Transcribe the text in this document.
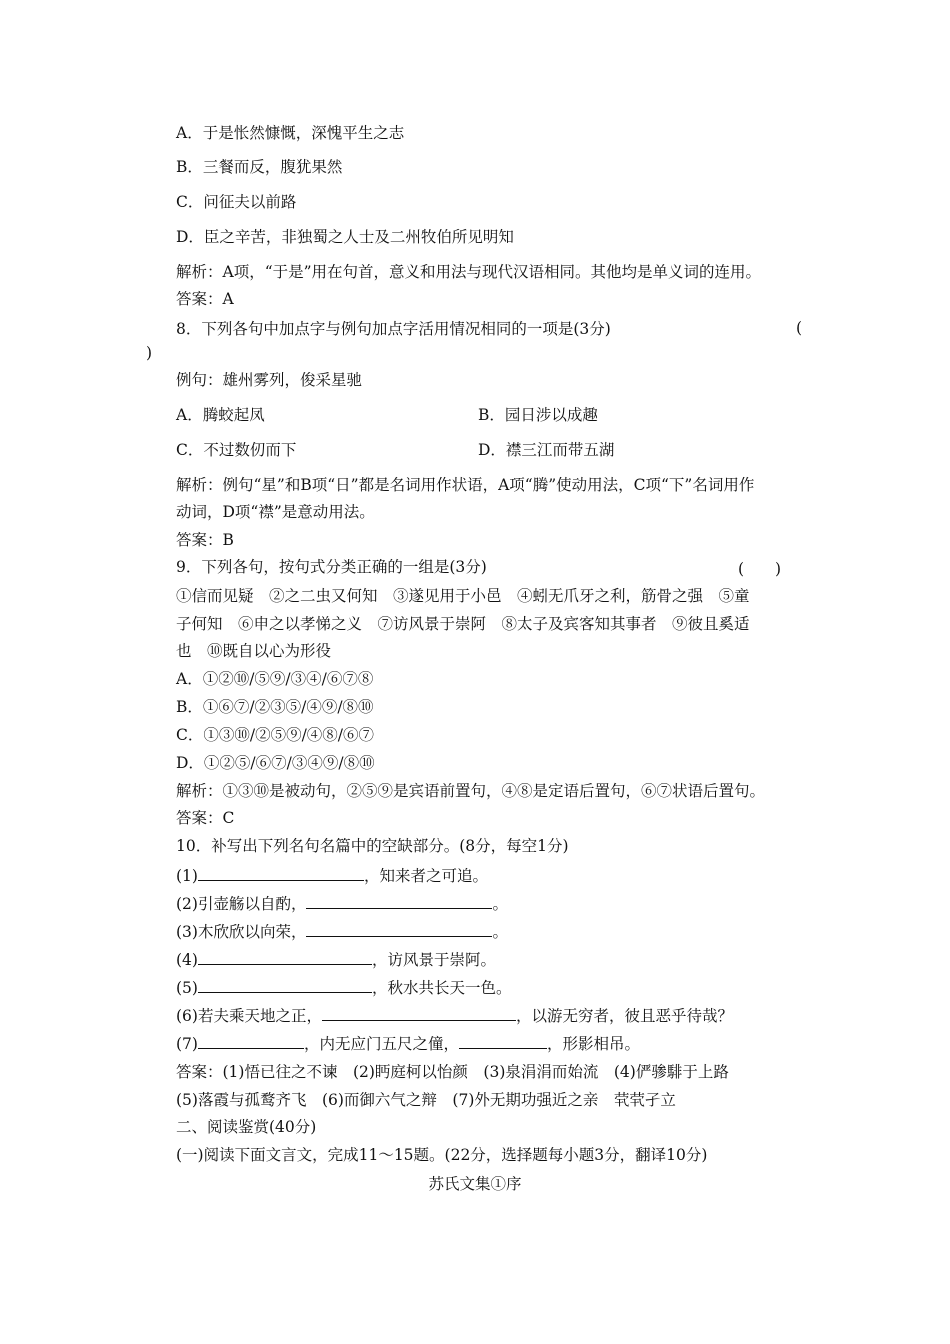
A．于是怅然慷慨，深愧平生之志
B．三餐而反，腹犹果然
C．问征夫以前路
D．臣之辛苦，非独蜀之人士及二州牧伯所见明知
解析：A项，“于是”用在句首，意义和用法与现代汉语相同。其他均是单义词的连用。
答案：A
8．下列各句中加点字与例句加点字活用情况相同的一项是(3分)	(
)
例句：雄州雾列，俊采星驰
A．腾蛟起凤	B．园日涉以成趣
C．不过数仞而下	D．襟三江而带五湖
解析：例句“星”和B项“日”都是名词用作状语，A项“腾”使动用法，C项“下”名词用作
动词，D项“襟”是意动用法。
答案：B
9．下列各句，按句式分类正确的一组是(3分)	(　　)
①信而见疑　②之二虫又何知　③遂见用于小邑　④蚓无爪牙之利，筋骨之强　⑤童
子何知　⑥申之以孝悌之义　⑦访风景于崇阿　⑧太子及宾客知其事者　⑨彼且奚适
也　⑩既自以心为形役
A．①②⑩/⑤⑨/③④/⑥⑦⑧
B．①⑥⑦/②③⑤/④⑨/⑧⑩
C．①③⑩/②⑤⑨/④⑧/⑥⑦
D．①②⑤/⑥⑦/③④⑨/⑧⑩
解析：①③⑩是被动句，②⑤⑨是宾语前置句，④⑧是定语后置句，⑥⑦状语后置句。
答案：C
10．补写出下列名句名篇中的空缺部分。(8分，每空1分)
(1)	，知来者之可追。
(2)引壶觞以自酌，	。
(3)木欣欣以向荣，	。
(4)	，访风景于崇阿。
(5)	，秋水共长天一色。
(6)若夫乘天地之正，	，以游无穷者，彼且恶乎待哉？
(7)	，内无应门五尺之僮，	，形影相吊。
答案：(1)悟已往之不谏　(2)眄庭柯以怡颜　(3)泉涓涓而始流　(4)俨骖騑于上路
(5)落霞与孤鹜齐飞　(6)而御六气之辩　(7)外无期功强近之亲　茕茕孑立
二、阅读鉴赏(40分)
(一)阅读下面文言文，完成11～15题。(22分，选择题每小题3分，翻译10分)
苏氏文集①序
